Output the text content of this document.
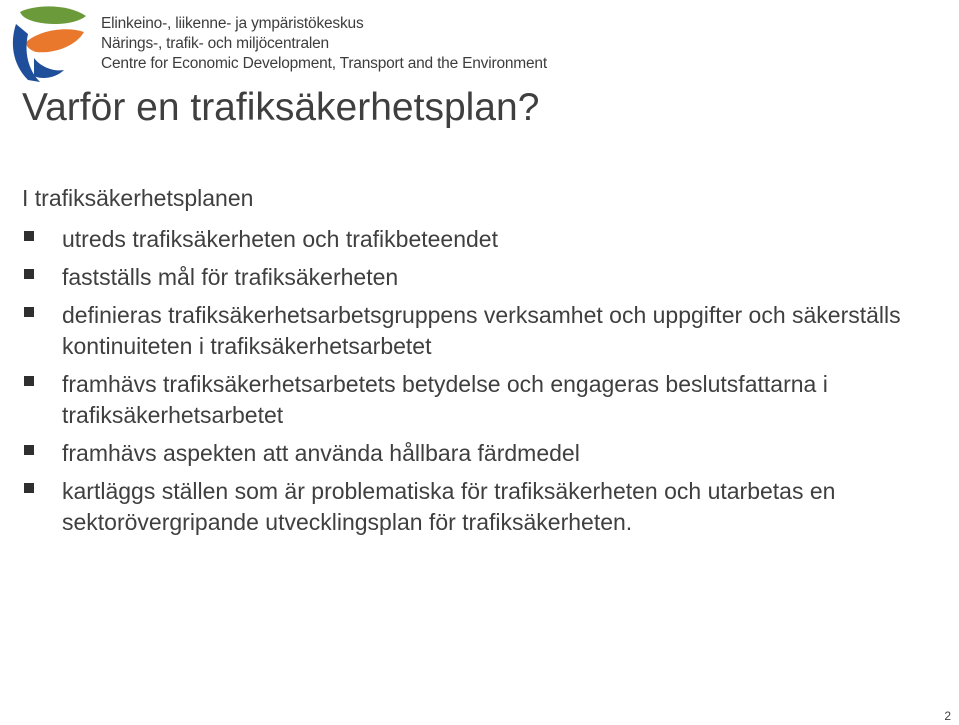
Elinkeino-, liikenne- ja ympäristökeskus
Närings-, trafik- och miljöcentralen
Centre for Economic Development, Transport and the Environment
Varför en trafiksäkerhetsplan?
I trafiksäkerhetsplanen
utreds trafiksäkerheten och trafikbeteendet
fastställs mål för trafiksäkerheten
definieras trafiksäkerhetsarbetsgruppens verksamhet och uppgifter och säkerställs kontinuiteten i trafiksäkerhetsarbetet
framhävs trafiksäkerhetsarbetets betydelse och engageras beslutsfattarna i trafiksäkerhetsarbetet
framhävs aspekten att använda hållbara färdmedel
kartläggs ställen som är problematiska för trafiksäkerheten och utarbetas en sektorövergripande utvecklingsplan för trafiksäkerheten.
2
